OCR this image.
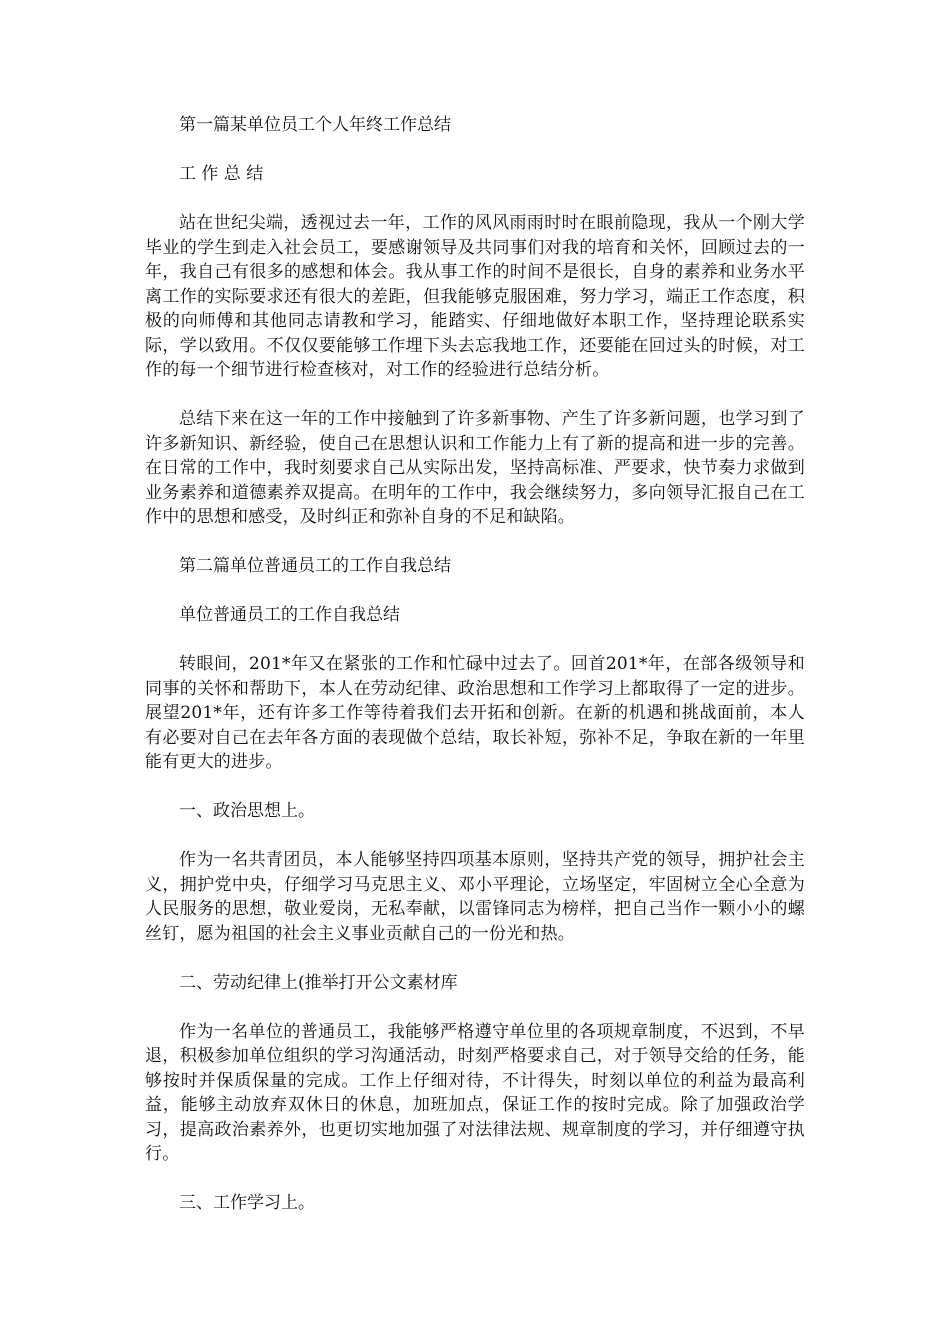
第一篇某单位员工个人年终工作总结
工 作 总 结
站在世纪尖端，透视过去一年，工作的风风雨雨时时在眼前隐现，我从一个刚大学毕业的学生到走入社会员工，要感谢领导及共同事们对我的培育和关怀，回顾过去的一年，我自己有很多的感想和体会。我从事工作的时间不是很长，自身的素养和业务水平离工作的实际要求还有很大的差距，但我能够克服困难，努力学习，端正工作态度，积极的向师傅和其他同志请教和学习，能踏实、仔细地做好本职工作，坚持理论联系实际，学以致用。不仅仅要能够工作埋下头去忘我地工作，还要能在回过头的时候，对工作的每一个细节进行检查核对，对工作的经验进行总结分析。
总结下来在这一年的工作中接触到了许多新事物、产生了许多新问题，也学习到了许多新知识、新经验，使自己在思想认识和工作能力上有了新的提高和进一步的完善。在日常的工作中，我时刻要求自己从实际出发，坚持高标准、严要求，快节奏力求做到业务素养和道德素养双提高。在明年的工作中，我会继续努力，多向领导汇报自己在工作中的思想和感受，及时纠正和弥补自身的不足和缺陷。
第二篇单位普通员工的工作自我总结
单位普通员工的工作自我总结
转眼间，201*年又在紧张的工作和忙碌中过去了。回首201*年，在部各级领导和同事的关怀和帮助下，本人在劳动纪律、政治思想和工作学习上都取得了一定的进步。展望201*年，还有许多工作等待着我们去开拓和创新。在新的机遇和挑战面前，本人有必要对自己在去年各方面的表现做个总结，取长补短，弥补不足，争取在新的一年里能有更大的进步。
一、政治思想上。
作为一名共青团员，本人能够坚持四项基本原则，坚持共产党的领导，拥护社会主义，拥护党中央，仔细学习马克思主义、邓小平理论，立场坚定，牢固树立全心全意为人民服务的思想，敬业爱岗，无私奉献，以雷锋同志为榜样，把自己当作一颗小小的螺丝钉，愿为祖国的社会主义事业贡献自己的一份光和热。
二、劳动纪律上(推举打开公文素材库
作为一名单位的普通员工，我能够严格遵守单位里的各项规章制度，不迟到，不早退，积极参加单位组织的学习沟通活动，时刻严格要求自己，对于领导交给的任务，能够按时并保质保量的完成。工作上仔细对待，不计得失，时刻以单位的利益为最高利益，能够主动放弃双休日的休息，加班加点，保证工作的按时完成。除了加强政治学习，提高政治素养外，也更切实地加强了对法律法规、规章制度的学习，并仔细遵守执行。
三、工作学习上。
